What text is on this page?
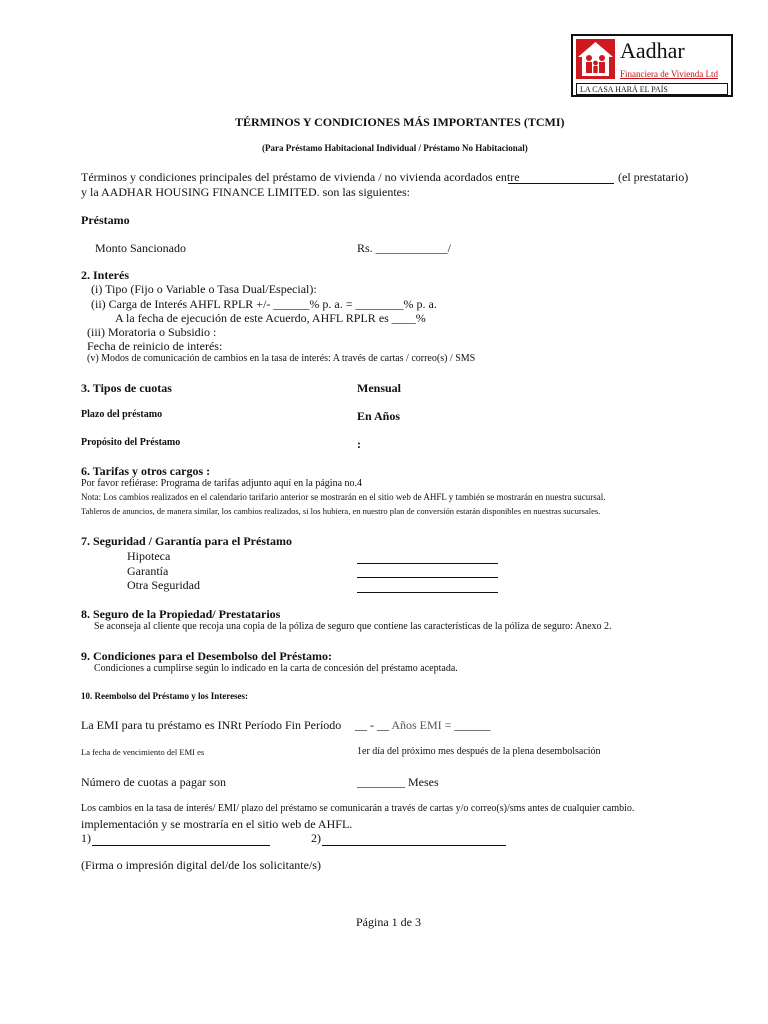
Aadhar
Financiera de Vivienda Ltd
LA CASA HARÁ EL PAÍS
TÉRMINOS Y CONDICIONES MÁS IMPORTANTES (TCMI)
(Para Préstamo Habitacional Individual / Préstamo No Habitacional)
Términos y condiciones principales del préstamo de vivienda / no vivienda acordados entre	(el prestatario)
y la AADHAR HOUSING FINANCE LIMITED. son las siguientes:
Préstamo
Monto Sancionado	Rs. ____________/
2. Interés
(i) Tipo (Fijo o Variable o Tasa Dual/Especial):
(ii) Carga de Interés AHFL RPLR +/- ______% p. a. = ________% p. a.
A la fecha de ejecución de este Acuerdo, AHFL RPLR es ____%
(iii) Moratoria o Subsidio :
Fecha de reinicio de interés:
(v) Modos de comunicación de cambios en la tasa de interés: A través de cartas / correo(s) / SMS
3. Tipos de cuotas	Mensual
Plazo del préstamo	En Años
Propósito del Préstamo	:
6. Tarifas y otros cargos :
Por favor refiérase: Programa de tarifas adjunto aquí en la página no.4
Nota: Los cambios realizados en el calendario tarifario anterior se mostrarán en el sitio web de AHFL y también se mostrarán en nuestra sucursal.
Tableros de anuncios, de manera similar, los cambios realizados, si los hubiera, en nuestro plan de conversión estarán disponibles en nuestras sucursales.
7. Seguridad / Garantía para el Préstamo
Hipoteca
Garantía
Otra Seguridad
8. Seguro de la Propiedad/ Prestatarios
Se aconseja al cliente que recoja una copia de la póliza de seguro que contiene las características de la póliza de seguro: Anexo 2.
9. Condiciones para el Desembolso del Préstamo:
Condiciones a cumplirse según lo indicado en la carta de concesión del préstamo aceptada.
10. Reembolso del Préstamo y los Intereses:
La EMI para tu préstamo es INRt Período Fin Período __ - __ Años EMI = ______
La fecha de vencimiento del EMI es	1er día del próximo mes después de la plena desembolsación
Número de cuotas a pagar son	________ Meses
Los cambios en la tasa de interés/ EMI/ plazo del préstamo se comunicarán a través de cartas y/o correo(s)/sms antes de cualquier cambio.
implementación y se mostraría en el sitio web de AHFL.
1)	2)
(Firma o impresión digital del/de los solicitante/s)
Página 1 de 3
